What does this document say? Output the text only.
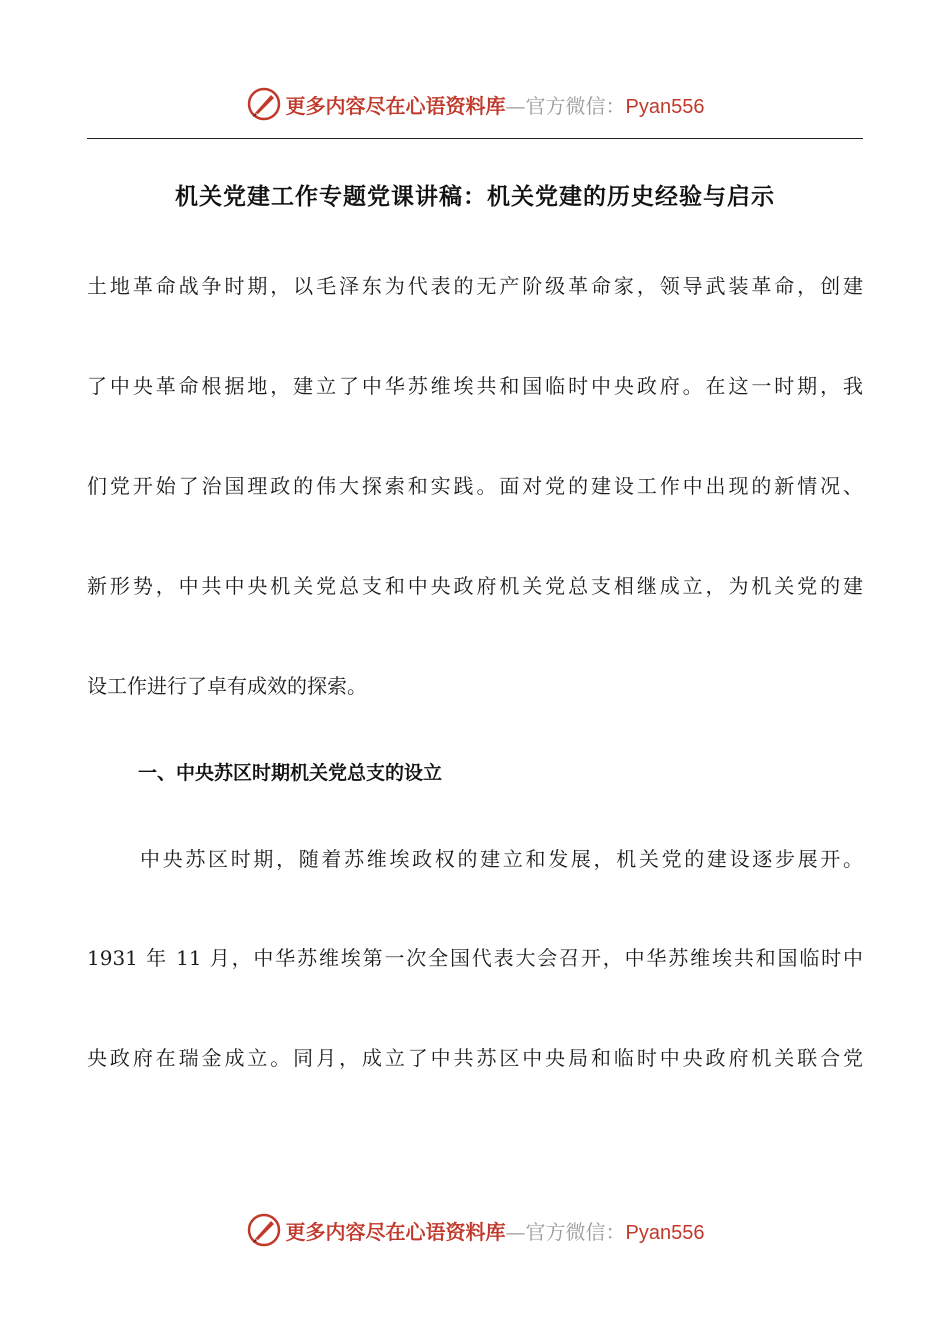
更多内容尽在心语资料库—官方微信：Pyan556
机关党建工作专题党课讲稿：机关党建的历史经验与启示
土地革命战争时期，以毛泽东为代表的无产阶级革命家，领导武装革命，创建
了中央革命根据地，建立了中华苏维埃共和国临时中央政府。在这一时期，我
们党开始了治国理政的伟大探索和实践。面对党的建设工作中出现的新情况、
新形势，中共中央机关党总支和中央政府机关党总支相继成立，为机关党的建
设工作进行了卓有成效的探索。
一、中央苏区时期机关党总支的设立
中央苏区时期，随着苏维埃政权的建立和发展，机关党的建设逐步展开。
1931 年 11 月，中华苏维埃第一次全国代表大会召开，中华苏维埃共和国临时中
央政府在瑞金成立。同月，成立了中共苏区中央局和临时中央政府机关联合党
更多内容尽在心语资料库—官方微信：Pyan556
